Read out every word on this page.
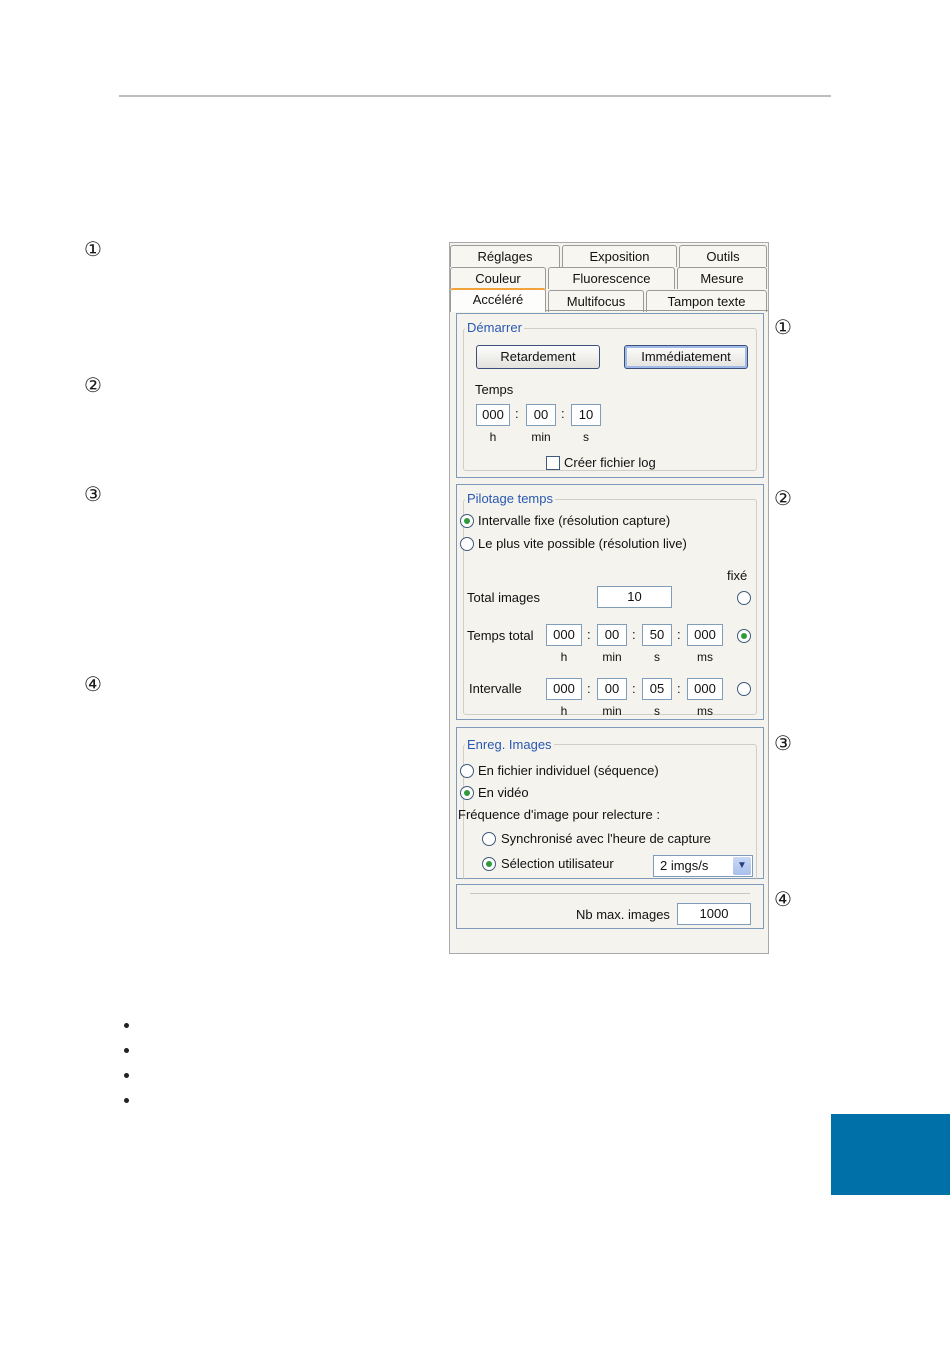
①
②
③
④
Réglages	Exposition	Outils
Couleur	Fluorescence	Mesure
Accéléré	Multifocus	Tampon texte
Démarrer
Retardement	Immédiatement
Temps
000 :	00 :	10
h	min	s
Créer fichier log
Pilotage temps
Intervalle fixe (résolution capture)
Le plus vite possible (résolution live)
fixé
Total images	10
Temps total	000 :	00 :	50 :	000
h	min	s	ms
Intervalle	000 :	00 :	05 :	000
h	min	s	ms
Enreg. Images
En fichier individuel (séquence)
En vidéo
Fréquence d'image pour relecture :
Synchronisé avec l'heure de capture
Sélection utilisateur	2 imgs/s	▼
Nb max. images	1000
①
②
③
④
